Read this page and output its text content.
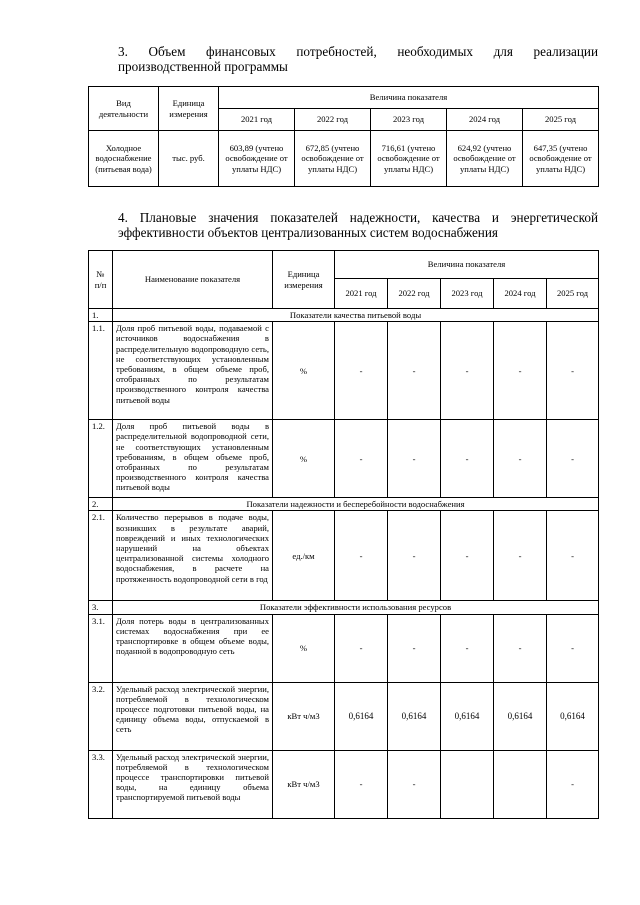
3. Объем финансовых потребностей, необходимых для реализации производственной программы
Вид деятельности	Единица измерения	Величина показателя				
		2021 год	2022 год	2023 год	2024 год	2025 год
Холодное водоснабжение (питьевая вода)	тыс. руб.	603,89 (учтено освобождение от уплаты НДС)	672,85 (учтено освобождение от уплаты НДС)	716,61 (учтено освобождение от уплаты НДС)	624,92 (учтено освобождение от уплаты НДС)	647,35 (учтено освобождение от уплаты НДС)
4. Плановые значения показателей надежности, качества и энергетической эффективности объектов централизованных систем водоснабжения
№ п/п	Наименование показателя	Единица измерения	Величина показателя				
			2021 год	2022 год	2023 год	2024 год	2025 год
1.	Показатели качества питьевой воды						
1.1.	Доля проб питьевой воды, подаваемой с источников водоснабжения в распределительную водопроводную сеть, не соответствующих установленным требованиям, в общем объеме проб, отобранных по результатам производственного контроля качества питьевой воды	%	-	-	-	-	-
1.2.	Доля проб питьевой воды в распределительной водопроводной сети, не соответствующих установленным требованиям, в общем объеме проб, отобранных по результатам производственного контроля качества питьевой воды	%	-	-	-	-	-
2.	Показатели надежности и бесперебойности водоснабжения						
2.1.	Количество перерывов в подаче воды, возникших в результате аварий, повреждений и иных технологических нарушений на объектах централизованной системы холодного водоснабжения, в расчете на протяженность водопроводной сети в год	ед./км	-	-	-	-	-
3.	Показатели эффективности использования ресурсов						
3.1.	Доля потерь воды в централизованных системах водоснабжения при ее транспортировке в общем объеме воды, поданной в водопроводную сеть	%	-	-	-	-	-
3.2.	Удельный расход электрической энергии, потребляемой в технологическом процессе подготовки питьевой воды, на единицу объема воды, отпускаемой в сеть	кВт ч/м3	0,6164	0,6164	0,6164	0,6164	0,6164
3.3.	Удельный расход электрической энергии, потребляемой в технологическом процессе транспортировки питьевой воды, на единицу объема транспортируемой питьевой воды	кВт ч/м3	-	-			-
